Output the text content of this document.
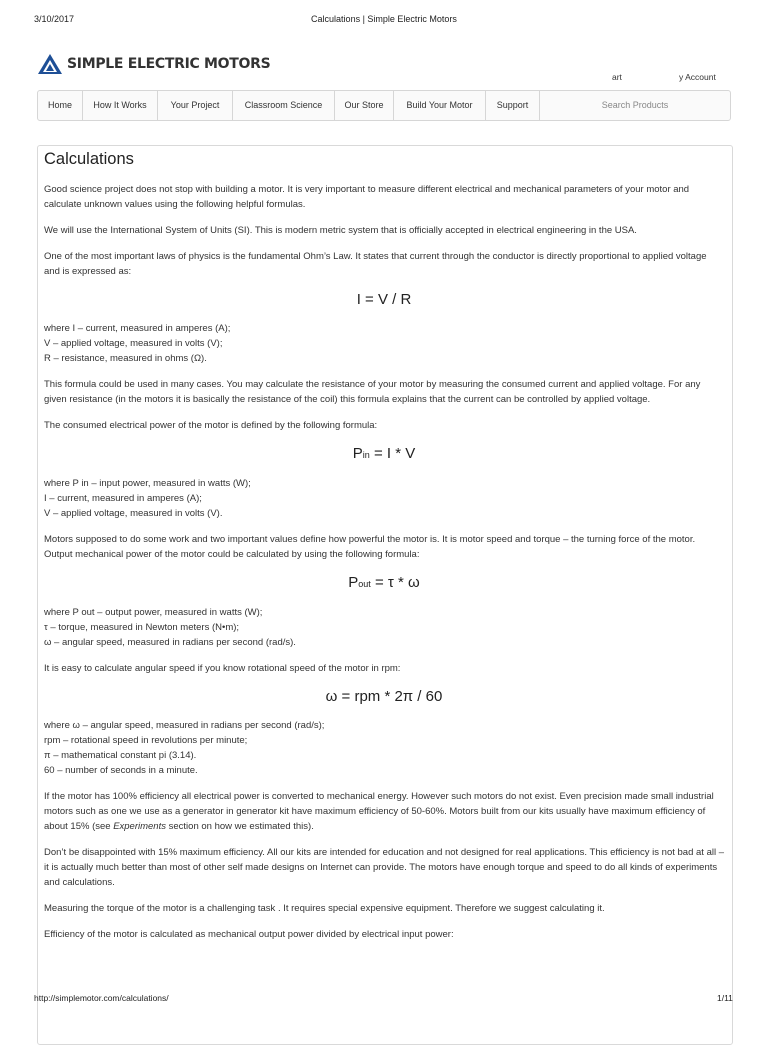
3/10/2017	Calculations | Simple Electric Motors
SIMPLE ELECTRIC MOTORS
art	y Account
Home	How It Works	Your Project	Classroom Science	Our Store	Build Your Motor	Support	Search Products
Calculations

Good science project does not stop with building a motor. It is very important to measure different electrical and mechanical parameters of your motor and calculate unknown values using the following helpful formulas.

We will use the International System of Units (SI). This is modern metric system that is officially accepted in electrical engineering in the USA.

One of the most important laws of physics is the fundamental Ohm’s Law. It states that current through the conductor is directly proportional to applied voltage and is expressed as:

I = V / R
where I – current, measured in amperes (A);
V – applied voltage, measured in volts (V);
R – resistance, measured in ohms (Ω).

This formula could be used in many cases. You may calculate the resistance of your motor by measuring the consumed current and applied voltage. For any given resistance (in the motors it is basically the resistance of the coil) this formula explains that the current can be controlled by applied voltage.

The consumed electrical power of the motor is defined by the following formula:

Pin = I * V
where P in – input power, measured in watts (W);
I – current, measured in amperes (A);
V – applied voltage, measured in volts (V).

Motors supposed to do some work and two important values define how powerful the motor is. It is motor speed and torque – the turning force of the motor. Output mechanical power of the motor could be calculated by using the following formula:

Pout = τ * ω
where P out – output power, measured in watts (W);
τ – torque, measured in Newton meters (N•m);
ω – angular speed, measured in radians per second (rad/s).

It is easy to calculate angular speed if you know rotational speed of the motor in rpm:

ω = rpm * 2π / 60
where ω – angular speed, measured in radians per second (rad/s);
rpm – rotational speed in revolutions per minute;
π – mathematical constant pi (3.14).
60 – number of seconds in a minute.

If the motor has 100% efficiency all electrical power is converted to mechanical energy. However such motors do not exist. Even precision made small industrial motors such as one we use as a generator in generator kit have maximum efficiency of 50-60%. Motors built from our kits usually have maximum efficiency of about 15% (see Experiments section on how we estimated this).

Don’t be disappointed with 15% maximum efficiency. All our kits are intended for education and not designed for real applications. This efficiency is not bad at all – it is actually much better than most of other self made designs on Internet can provide. The motors have enough torque and speed to do all kinds of experiments and calculations.

Measuring the torque of the motor is a challenging task . It requires special expensive equipment. Therefore we suggest calculating it.

Efficiency of the motor is calculated as mechanical output power divided by electrical input power:

http://simplemotor.com/calculations/	1/11
